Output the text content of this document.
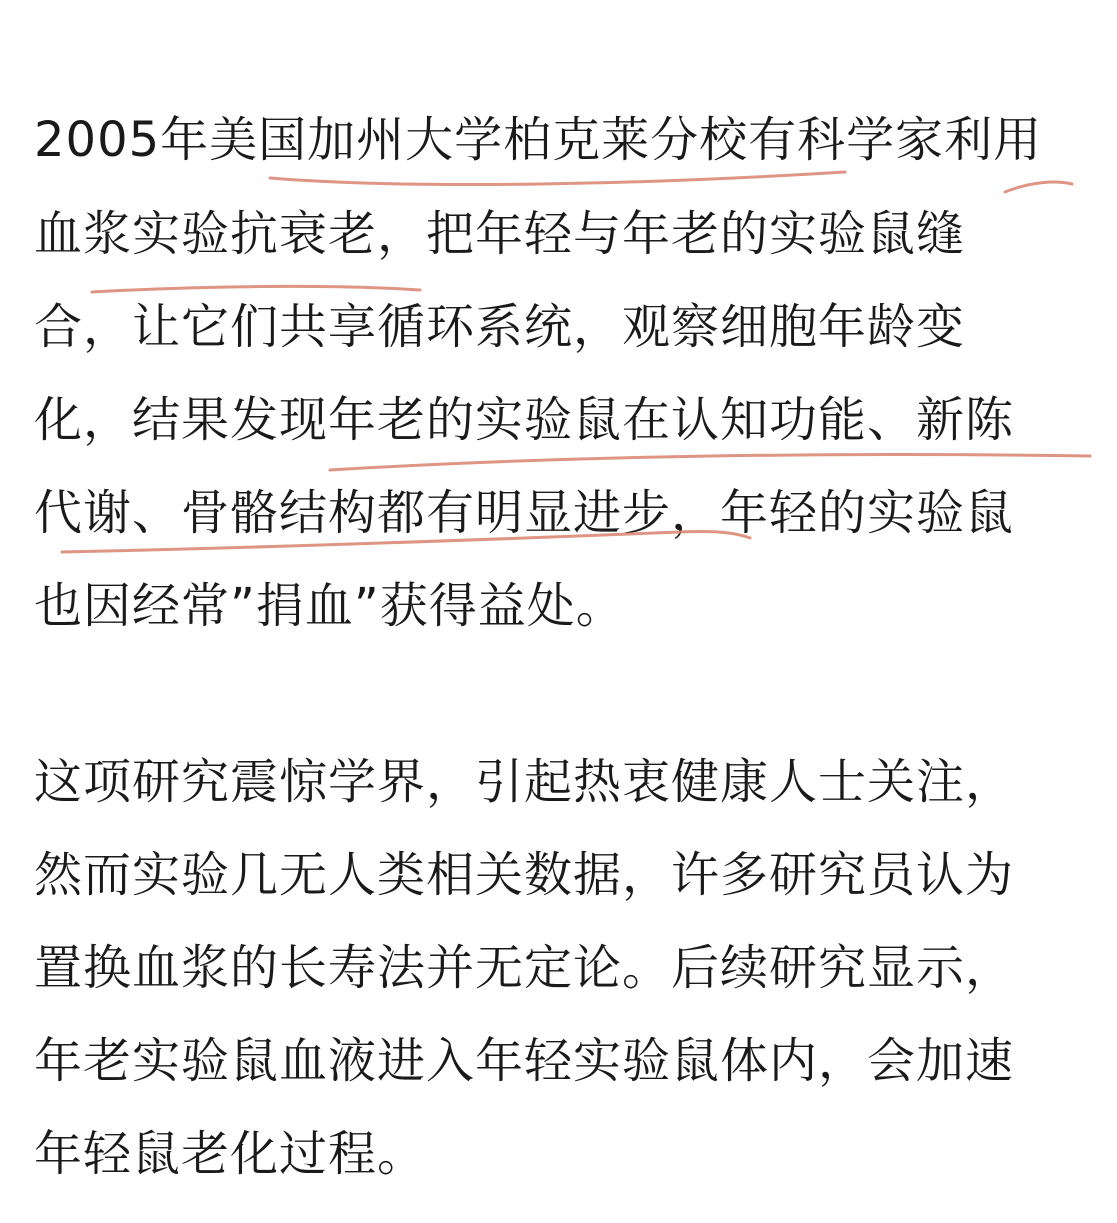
2005年美国加州大学柏克莱分校有科学家利用
血浆实验抗衰老，把年轻与年老的实验鼠缝
合，让它们共享循环系统，观察细胞年龄变
化，结果发现年老的实验鼠在认知功能、新陈
代谢、骨骼结构都有明显进步，年轻的实验鼠
也因经常”捐血”获得益处。
这项研究震惊学界，引起热衷健康人士关注，
然而实验几无人类相关数据，许多研究员认为
置换血浆的长寿法并无定论。后续研究显示，
年老实验鼠血液进入年轻实验鼠体内，会加速
年轻鼠老化过程。
